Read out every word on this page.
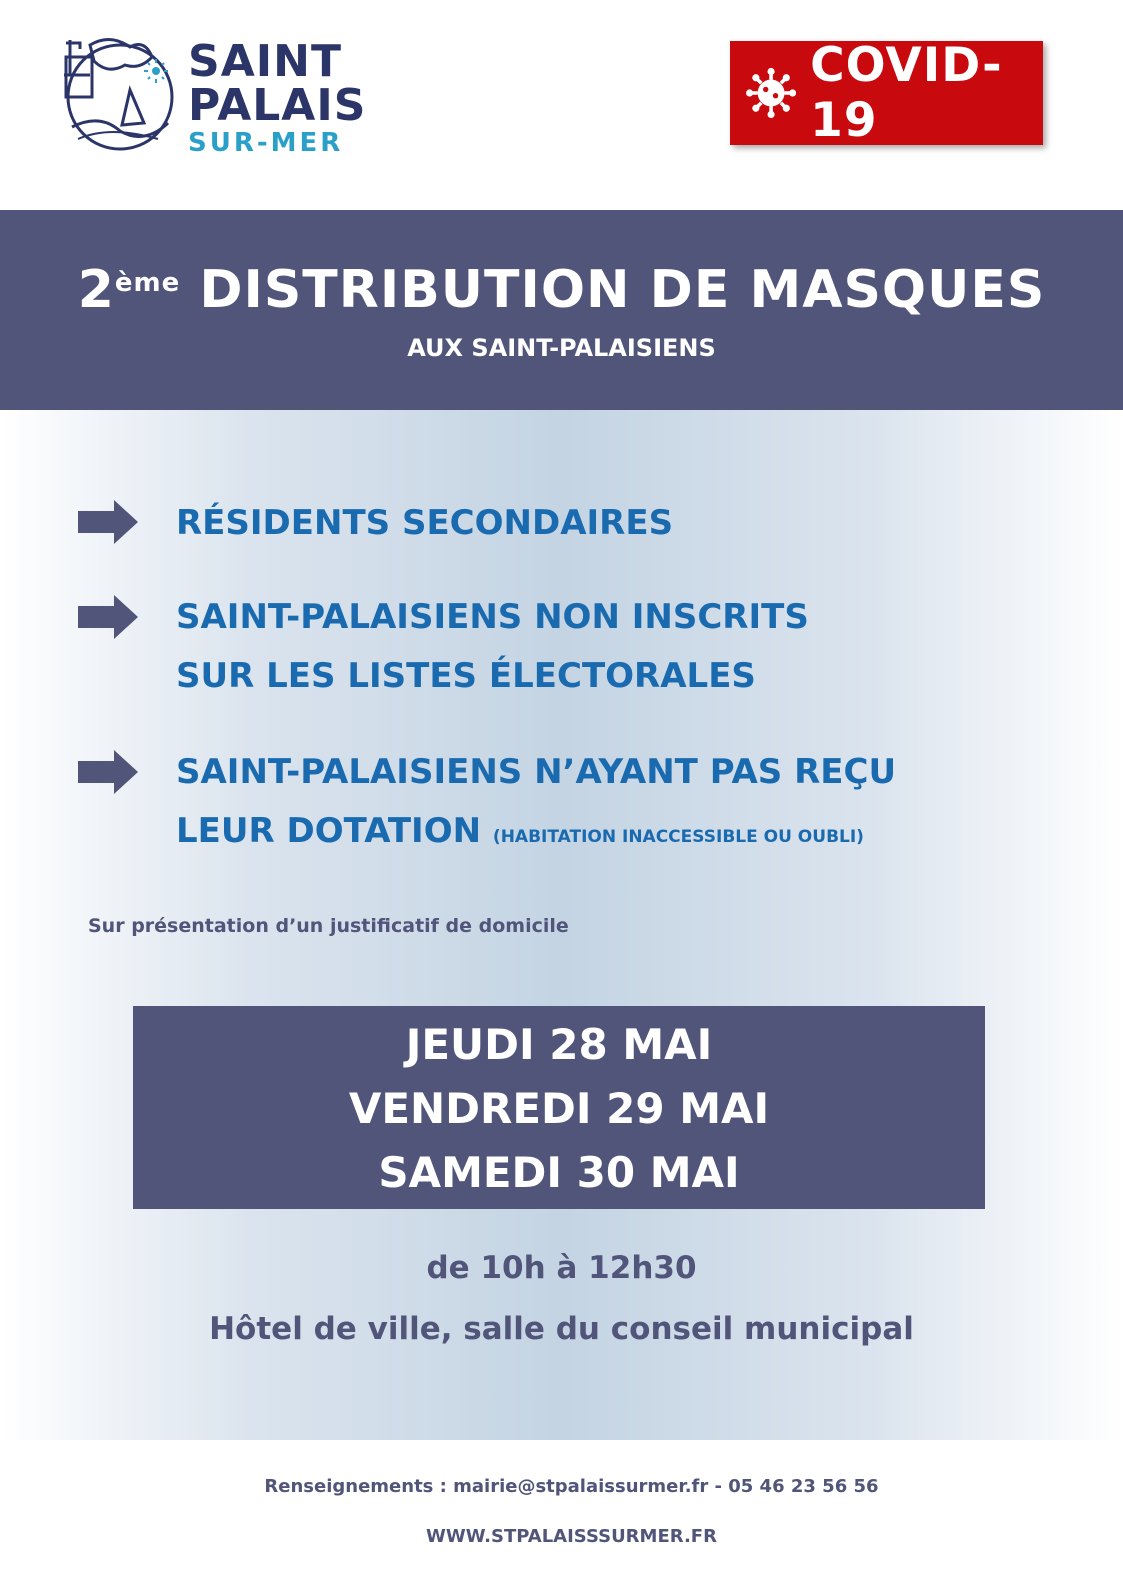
SAINT
PALAIS
SUR-MER
COVID-19
2ème DISTRIBUTION DE MASQUES
AUX SAINT-PALAISIENS
RÉSIDENTS SECONDAIRES
SAINT-PALAISIENS NON INSCRITS
SUR LES LISTES ÉLECTORALES
SAINT-PALAISIENS N’AYANT PAS REÇU
LEUR DOTATION (HABITATION INACCESSIBLE OU OUBLI)
Sur présentation d’un justificatif de domicile
JEUDI 28 MAI
VENDREDI 29 MAI
SAMEDI 30 MAI
de 10h à 12h30
Hôtel de ville, salle du conseil municipal
Renseignements : mairie@stpalaissurmer.fr - 05 46 23 56 56
WWW.STPALAISSSURMER.FR
